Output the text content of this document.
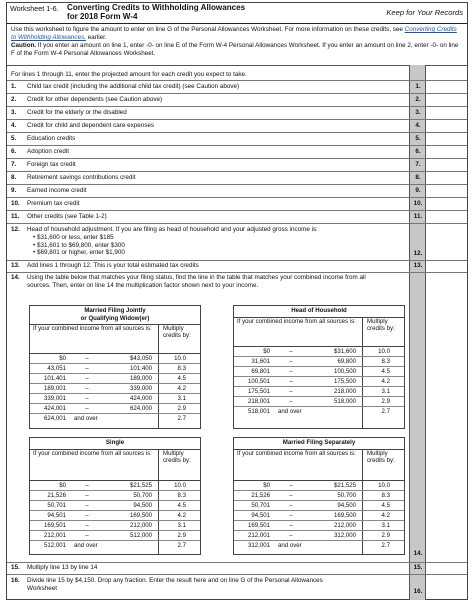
Worksheet 1-6. Converting Credits to Withholding Allowances
for 2018 Form W-4	Keep for Your Records
Use this worksheet to figure the amount to enter on line G of the Personal Allowances Worksheet. For more information on these credits, see Converting Credits to Withholding Allowances, earlier.
Caution. If you enter an amount on line 1, enter -0- on line E of the Form W-4 Personal Allowances Worksheet. If you enter an amount on line 2, enter -0- on line F of the Form W-4 Personal Allowances Worksheet.
For lines 1 through 11, enter the projected amount for each credit you expect to take.
1. Child tax credit (including the additional child tax credit) (see Caution above)	1.
2. Credit for other dependents (see Caution above)	2.
3. Credit for the elderly or the disabled	3.
4. Credit for child and dependent care expenses	4.
5. Education credits	5.
6. Adoption credit	6.
7. Foreign tax credit	7.
8. Retirement savings contributions credit	8.
9. Earned income credit	9.
10. Premium tax credit	10.
11. Other credits (see Table 1-2)	11.
12. Head of household adjustment. If you are filing as head of household and your adjusted gross income is:
• $31,600 or less, enter $185
• $31,601 to $69,800, enter $300
• $69,801 or higher, enter $1,900	12.
13. Add lines 1 through 12. This is your total estimated tax credits	13.
14. Using the table below that matches your filing status, find the line in the table that matches your combined income from all
sources. Then, enter on line 14 the multiplication factor shown next to your income.
14.
Married Filing Jointly
or Qualifying Widow(er)
If your combined income from all sources is:	Multiply credits by:
$0	–	$43,050	10.0
43,051	–	101,400	8.3
101,401	–	189,000	4.5
189,001	–	339,000	4.2
339,001	–	424,000	3.1
424,001	–	624,000	2.9
624,001 and over	2.7
Head of Household
If your combined income from all sources is:	Multiply credits by:
$0	–	$31,600	10.0
31,601	–	69,800	8.3
69,801	–	100,500	4.5
100,501	–	175,500	4.2
175,501	–	218,000	3.1
218,001	–	518,000	2.9
518,001 and over	2.7
Single
If your combined income from all sources is:	Multiply credits by:
$0	–	$21,525	10.0
21,526	–	50,700	8.3
50,701	–	94,500	4.5
94,501	–	169,500	4.2
169,501	–	212,000	3.1
212,001	–	512,000	2.9
512,001 and over	2.7
Married Filing Separately
If your combined income from all sources is:	Multiply credits by:
$0	–	$21,525	10.0
21,526	–	50,700	8.3
50,701	–	94,500	4.5
94,501	–	169,500	4.2
169,501	–	212,000	3.1
212,001	–	312,000	2.9
312,001 and over	2.7
15. Multiply line 13 by line 14	15.
16. Divide line 15 by $4,150. Drop any fraction. Enter the result here and on line G of the Personal Allowances
Worksheet	16.
